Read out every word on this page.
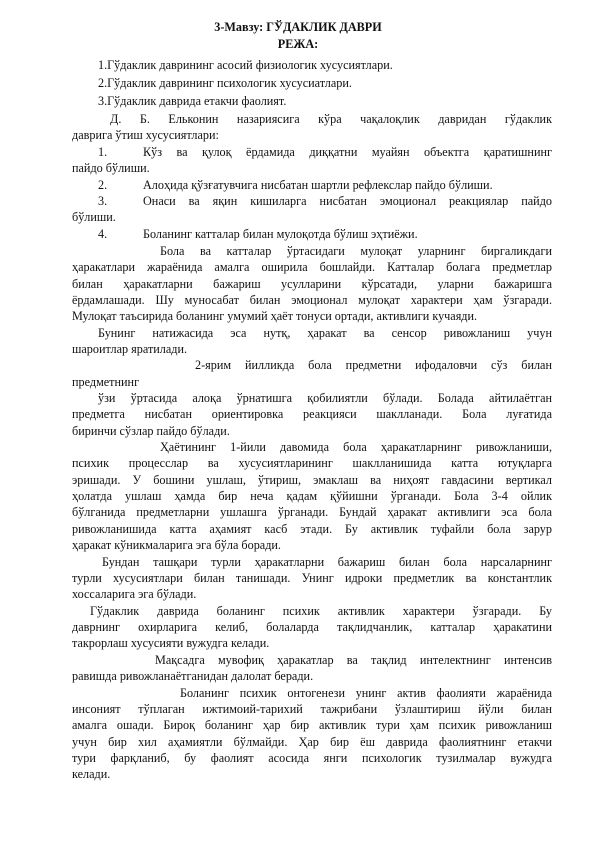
3-Мавзу: ГЎДАКЛИК ДАВРИ
РЕЖА:
1.Гўдаклик даврининг асосий физиологик хусусиятлари.
2.Гўдаклик даврининг психологик хусусиатлари.
3.Гўдаклик даврида етакчи фаолият.
Д. Б. Ельконин назариясига кўра чақалоқлик давридан гўдаклик
даврига ўтиш хусусиятлари:
1.	Кўз ва қулоқ ёрдамида диққатни муайян объектга қаратишнинг
пайдо бўлиши.
2.	Алоҳида қўзғатувчига нисбатан шартли рефлекслар пайдо бўлиши.
3.	Онаси ва яқин кишиларга нисбатан эмоционал реакциялар пайдо
бўлиши.
4.	Боланинг катталар билан мулоқотда бўлиш эҳтиёжи.
Бола ва катталар ўртасидаги мулоқат уларнинг биргаликдаги
ҳаракатлари жараёнида амалга оширила бошлайди. Катталар болага предметлар
билан ҳаракатларни бажариш усулларини кўрсатади, уларни бажаришга
ёрдамлашади. Шу муносабат билан эмоционал мулоқат характери ҳам ўзгаради.
Мулоқат таъсирида боланинг умумий ҳаёт тонуси ортади, активлиги кучаяди.
Бунинг натижасида эса нутқ, ҳаракат ва сенсор ривожланиш учун
шароитлар яратилади.
2-ярим йилликда бола предметни ифодаловчи сўз билан
предметнинг
ўзи ўртасида алоқа ўрнатишга қобилиятли бўлади. Болада айтилаётган
предметга нисбатан ориентировка реакцияси шаклланади. Бола луғатида
биринчи сўзлар пайдо бўлади.
Ҳаётининг 1-йили давомида бола ҳаракатларнинг ривожланиши,
психик процесслар ва хусусиятларининг шаклланишида катта ютуқларга
эришади. У бошини ушлаш, ўтириш, эмаклаш ва ниҳоят гавдасини вертикал
ҳолатда ушлаш ҳамда бир неча қадам қўйишни ўрганади. Бола 3-4 ойлик
бўлганида предметларни ушлашга ўрганади. Бундай ҳаракат активлиги эса бола
ривожланишида катта аҳамият касб этади. Бу активлик туфайли бола зарур
ҳаракат кўникмаларига эга бўла боради.
Бундан ташқари турли ҳаракатларни бажариш билан бола нарсаларнинг
турли хусусиятлари билан танишади. Унинг идроки предметлик ва константлик
хоссаларига эга бўлади.
Гўдаклик даврида боланинг психик активлик характери ўзгаради. Бу
даврнинг охирларига келиб, болаларда тақлидчанлик, катталар ҳаракатини
такрорлаш хусусияти вужудга келади.
Мақсадга мувофиқ ҳаракатлар ва тақлид интелектнинг интенсив
равишда ривожланаётганидан далолат беради.
Боланинг психик онтогенези унинг актив фаолияти жараёнида
инсоният тўплаган ижтимоий-тарихий тажрибани ўзлаштириш йўли билан
амалга ошади. Бироқ боланинг ҳар бир активлик тури ҳам психик ривожланиш
учун бир хил аҳамиятли бўлмайди. Ҳар бир ёш даврида фаолиятнинг етакчи
тури фарқланиб, бу фаолият асосида янги психологик тузилмалар вужудга
келади.
